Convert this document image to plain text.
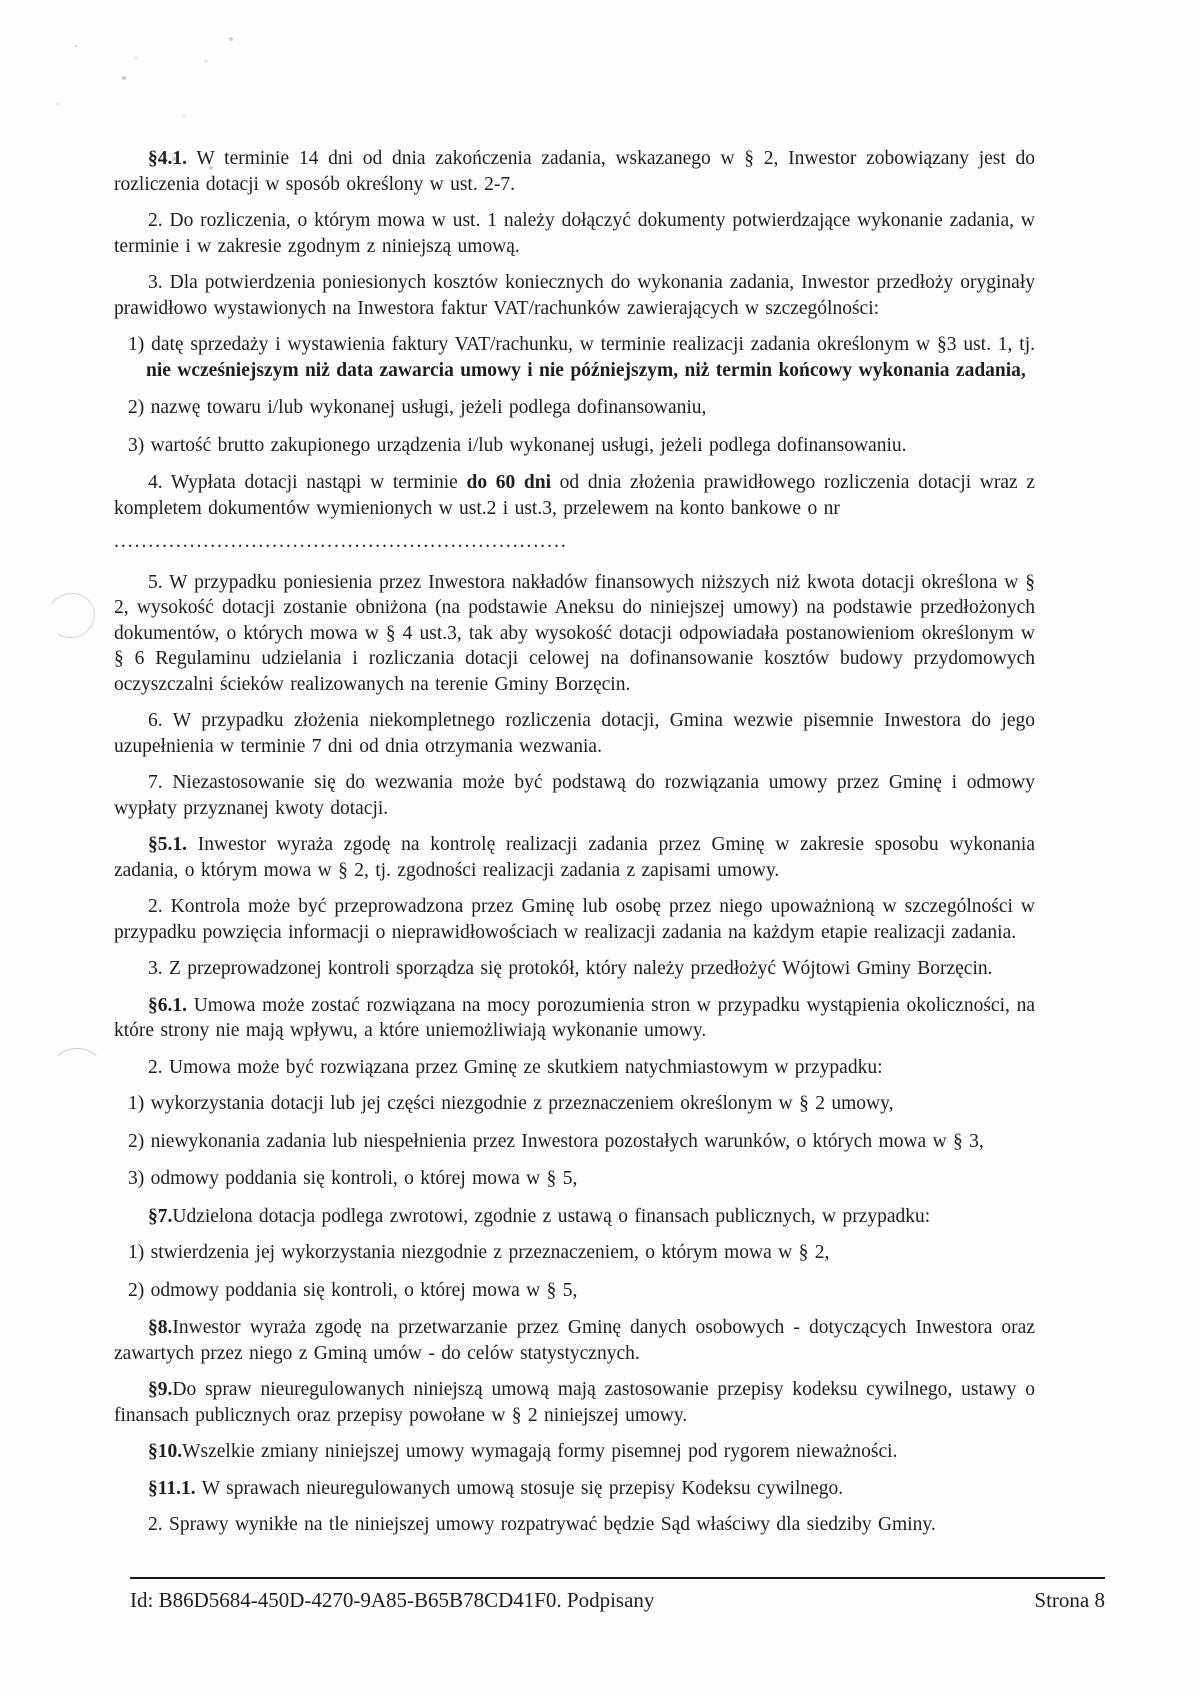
§4.1. W terminie 14 dni od dnia zakończenia zadania, wskazanego w § 2, Inwestor zobowiązany jest do rozliczenia dotacji w sposób określony w ust. 2-7.

2. Do rozliczenia, o którym mowa w ust. 1 należy dołączyć dokumenty potwierdzające wykonanie zadania, w terminie i w zakresie zgodnym z niniejszą umową.

3. Dla potwierdzenia poniesionych kosztów koniecznych do wykonania zadania, Inwestor przedłoży oryginały prawidłowo wystawionych na Inwestora faktur VAT/rachunków zawierających w szczególności:

1) datę sprzedaży i wystawienia faktury VAT/rachunku, w terminie realizacji zadania określonym w §3 ust. 1, tj. nie wcześniejszym niż data zawarcia umowy i nie późniejszym, niż termin końcowy wykonania zadania,

2) nazwę towaru i/lub wykonanej usługi, jeżeli podlega dofinansowaniu,

3) wartość brutto zakupionego urządzenia i/lub wykonanej usługi, jeżeli podlega dofinansowaniu.

4. Wypłata dotacji nastąpi w terminie do 60 dni od dnia złożenia prawidłowego rozliczenia dotacji wraz z kompletem dokumentów wymienionych w ust.2 i ust.3, przelewem na konto bankowe o nr

..................................................................

5. W przypadku poniesienia przez Inwestora nakładów finansowych niższych niż kwota dotacji określona w § 2, wysokość dotacji zostanie obniżona (na podstawie Aneksu do niniejszej umowy) na podstawie przedłożonych dokumentów, o których mowa w § 4 ust.3, tak aby wysokość dotacji odpowiadała postanowieniom określonym w § 6 Regulaminu udzielania i rozliczania dotacji celowej na dofinansowanie kosztów budowy przydomowych oczyszczalni ścieków realizowanych na terenie Gminy Borzęcin.

6. W przypadku złożenia niekompletnego rozliczenia dotacji, Gmina wezwie pisemnie Inwestora do jego uzupełnienia w terminie 7 dni od dnia otrzymania wezwania.

7. Niezastosowanie się do wezwania może być podstawą do rozwiązania umowy przez Gminę i odmowy wypłaty przyznanej kwoty dotacji.

§5.1. Inwestor wyraża zgodę na kontrolę realizacji zadania przez Gminę w zakresie sposobu wykonania zadania, o którym mowa w § 2, tj. zgodności realizacji zadania z zapisami umowy.

2. Kontrola może być przeprowadzona przez Gminę lub osobę przez niego upoważnioną w szczególności w przypadku powzięcia informacji o nieprawidłowościach w realizacji zadania na każdym etapie realizacji zadania.

3. Z przeprowadzonej kontroli sporządza się protokół, który należy przedłożyć Wójtowi Gminy Borzęcin.

§6.1. Umowa może zostać rozwiązana na mocy porozumienia stron w przypadku wystąpienia okoliczności, na które strony nie mają wpływu, a które uniemożliwiają wykonanie umowy.

2. Umowa może być rozwiązana przez Gminę ze skutkiem natychmiastowym w przypadku:

1) wykorzystania dotacji lub jej części niezgodnie z przeznaczeniem określonym w § 2 umowy,

2) niewykonania zadania lub niespełnienia przez Inwestora pozostałych warunków, o których mowa w § 3,

3) odmowy poddania się kontroli, o której mowa w § 5,

§7.Udzielona dotacja podlega zwrotowi, zgodnie z ustawą o finansach publicznych, w przypadku:

1) stwierdzenia jej wykorzystania niezgodnie z przeznaczeniem, o którym mowa w § 2,

2) odmowy poddania się kontroli, o której mowa w § 5,

§8.Inwestor wyraża zgodę na przetwarzanie przez Gminę danych osobowych - dotyczących Inwestora oraz zawartych przez niego z Gminą umów - do celów statystycznych.

§9.Do spraw nieuregulowanych niniejszą umową mają zastosowanie przepisy kodeksu cywilnego, ustawy o finansach publicznych oraz przepisy powołane w § 2 niniejszej umowy.

§10.Wszelkie zmiany niniejszej umowy wymagają formy pisemnej pod rygorem nieważności.

§11.1. W sprawach nieuregulowanych umową stosuje się przepisy Kodeksu cywilnego.

2. Sprawy wynikłe na tle niniejszej umowy rozpatrywać będzie Sąd właściwy dla siedziby Gminy.

Id: B86D5684-450D-4270-9A85-B65B78CD41F0. Podpisany	Strona 8
